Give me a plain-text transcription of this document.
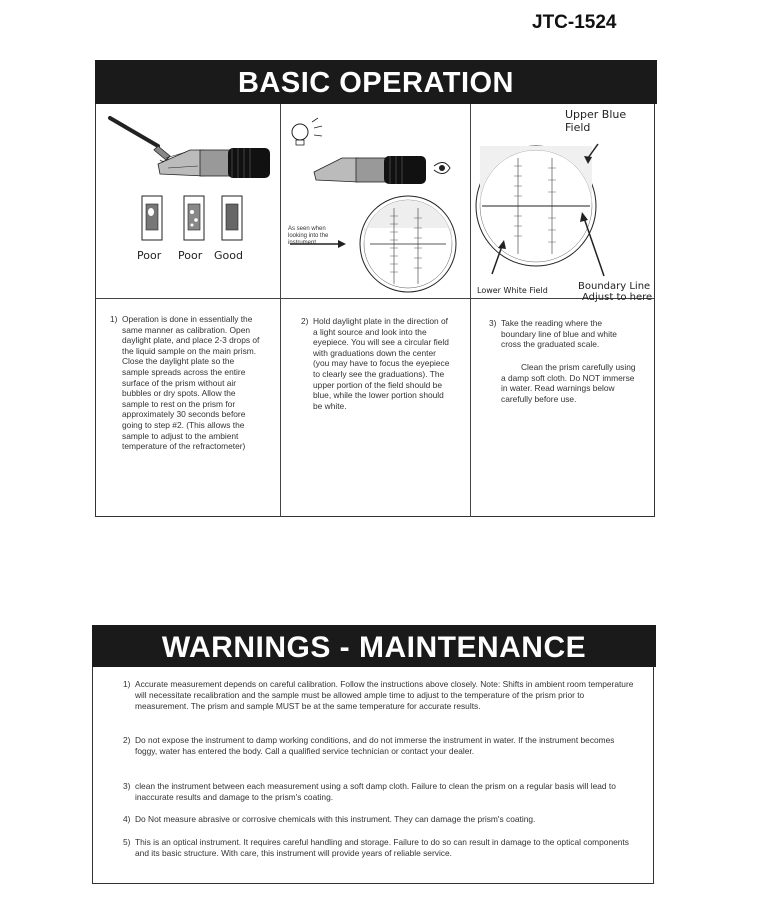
JTC-1524
BASIC OPERATION
Poor Poor Good
As seen when looking into the instrument
Upper Blue Field
Lower White Field	Boundary Line
Adjust to here
1) Operation is done in essentially the same manner as calibration. Open daylight plate, and place 2-3 drops of the liquid sample on the main prism. Close the daylight plate so the sample spreads across the entire surface of the prism without air bubbles or dry spots. Allow the sample to rest on the prism for approximately 30 seconds before going to step #2. (This allows the sample to adjust to the ambient temperature of the refractometer)
2) Hold daylight plate in the direction of a light source and look into the eyepiece. You will see a circular field with graduations down the center (you may have to focus the eyepiece to clearly see the graduations). The upper portion of the field should be blue, while the lower portion should be white.
3) Take the reading where the boundary line of blue and white cross the graduated scale.
Clean the prism carefully using a damp soft cloth. Do NOT immerse in water. Read warnings below carefully before use.
WARNINGS - MAINTENANCE
1) Accurate measurement depends on careful calibration. Follow the instructions above closely. Note: Shifts in ambient room temperature will necessitate recalibration and the sample must be allowed ample time to adjust to the temperature of the prism prior to measurement. The prism and sample MUST be at the same temperature for accurate results.
2) Do not expose the instrument to damp working conditions, and do not immerse the instrument in water. If the instrument becomes foggy, water has entered the body. Call a qualified service technician or contact your dealer.
3) clean the instrument between each measurement using a soft damp cloth. Failure to clean the prism on a regular basis will lead to inaccurate results and damage to the prism's coating.
4) Do Not measure abrasive or corrosive chemicals with this instrument. They can damage the prism's coating.
5) This is an optical instrument. It requires careful handling and storage. Failure to do so can result in damage to the optical components and its basic structure. With care, this instrument will provide years of reliable service.
